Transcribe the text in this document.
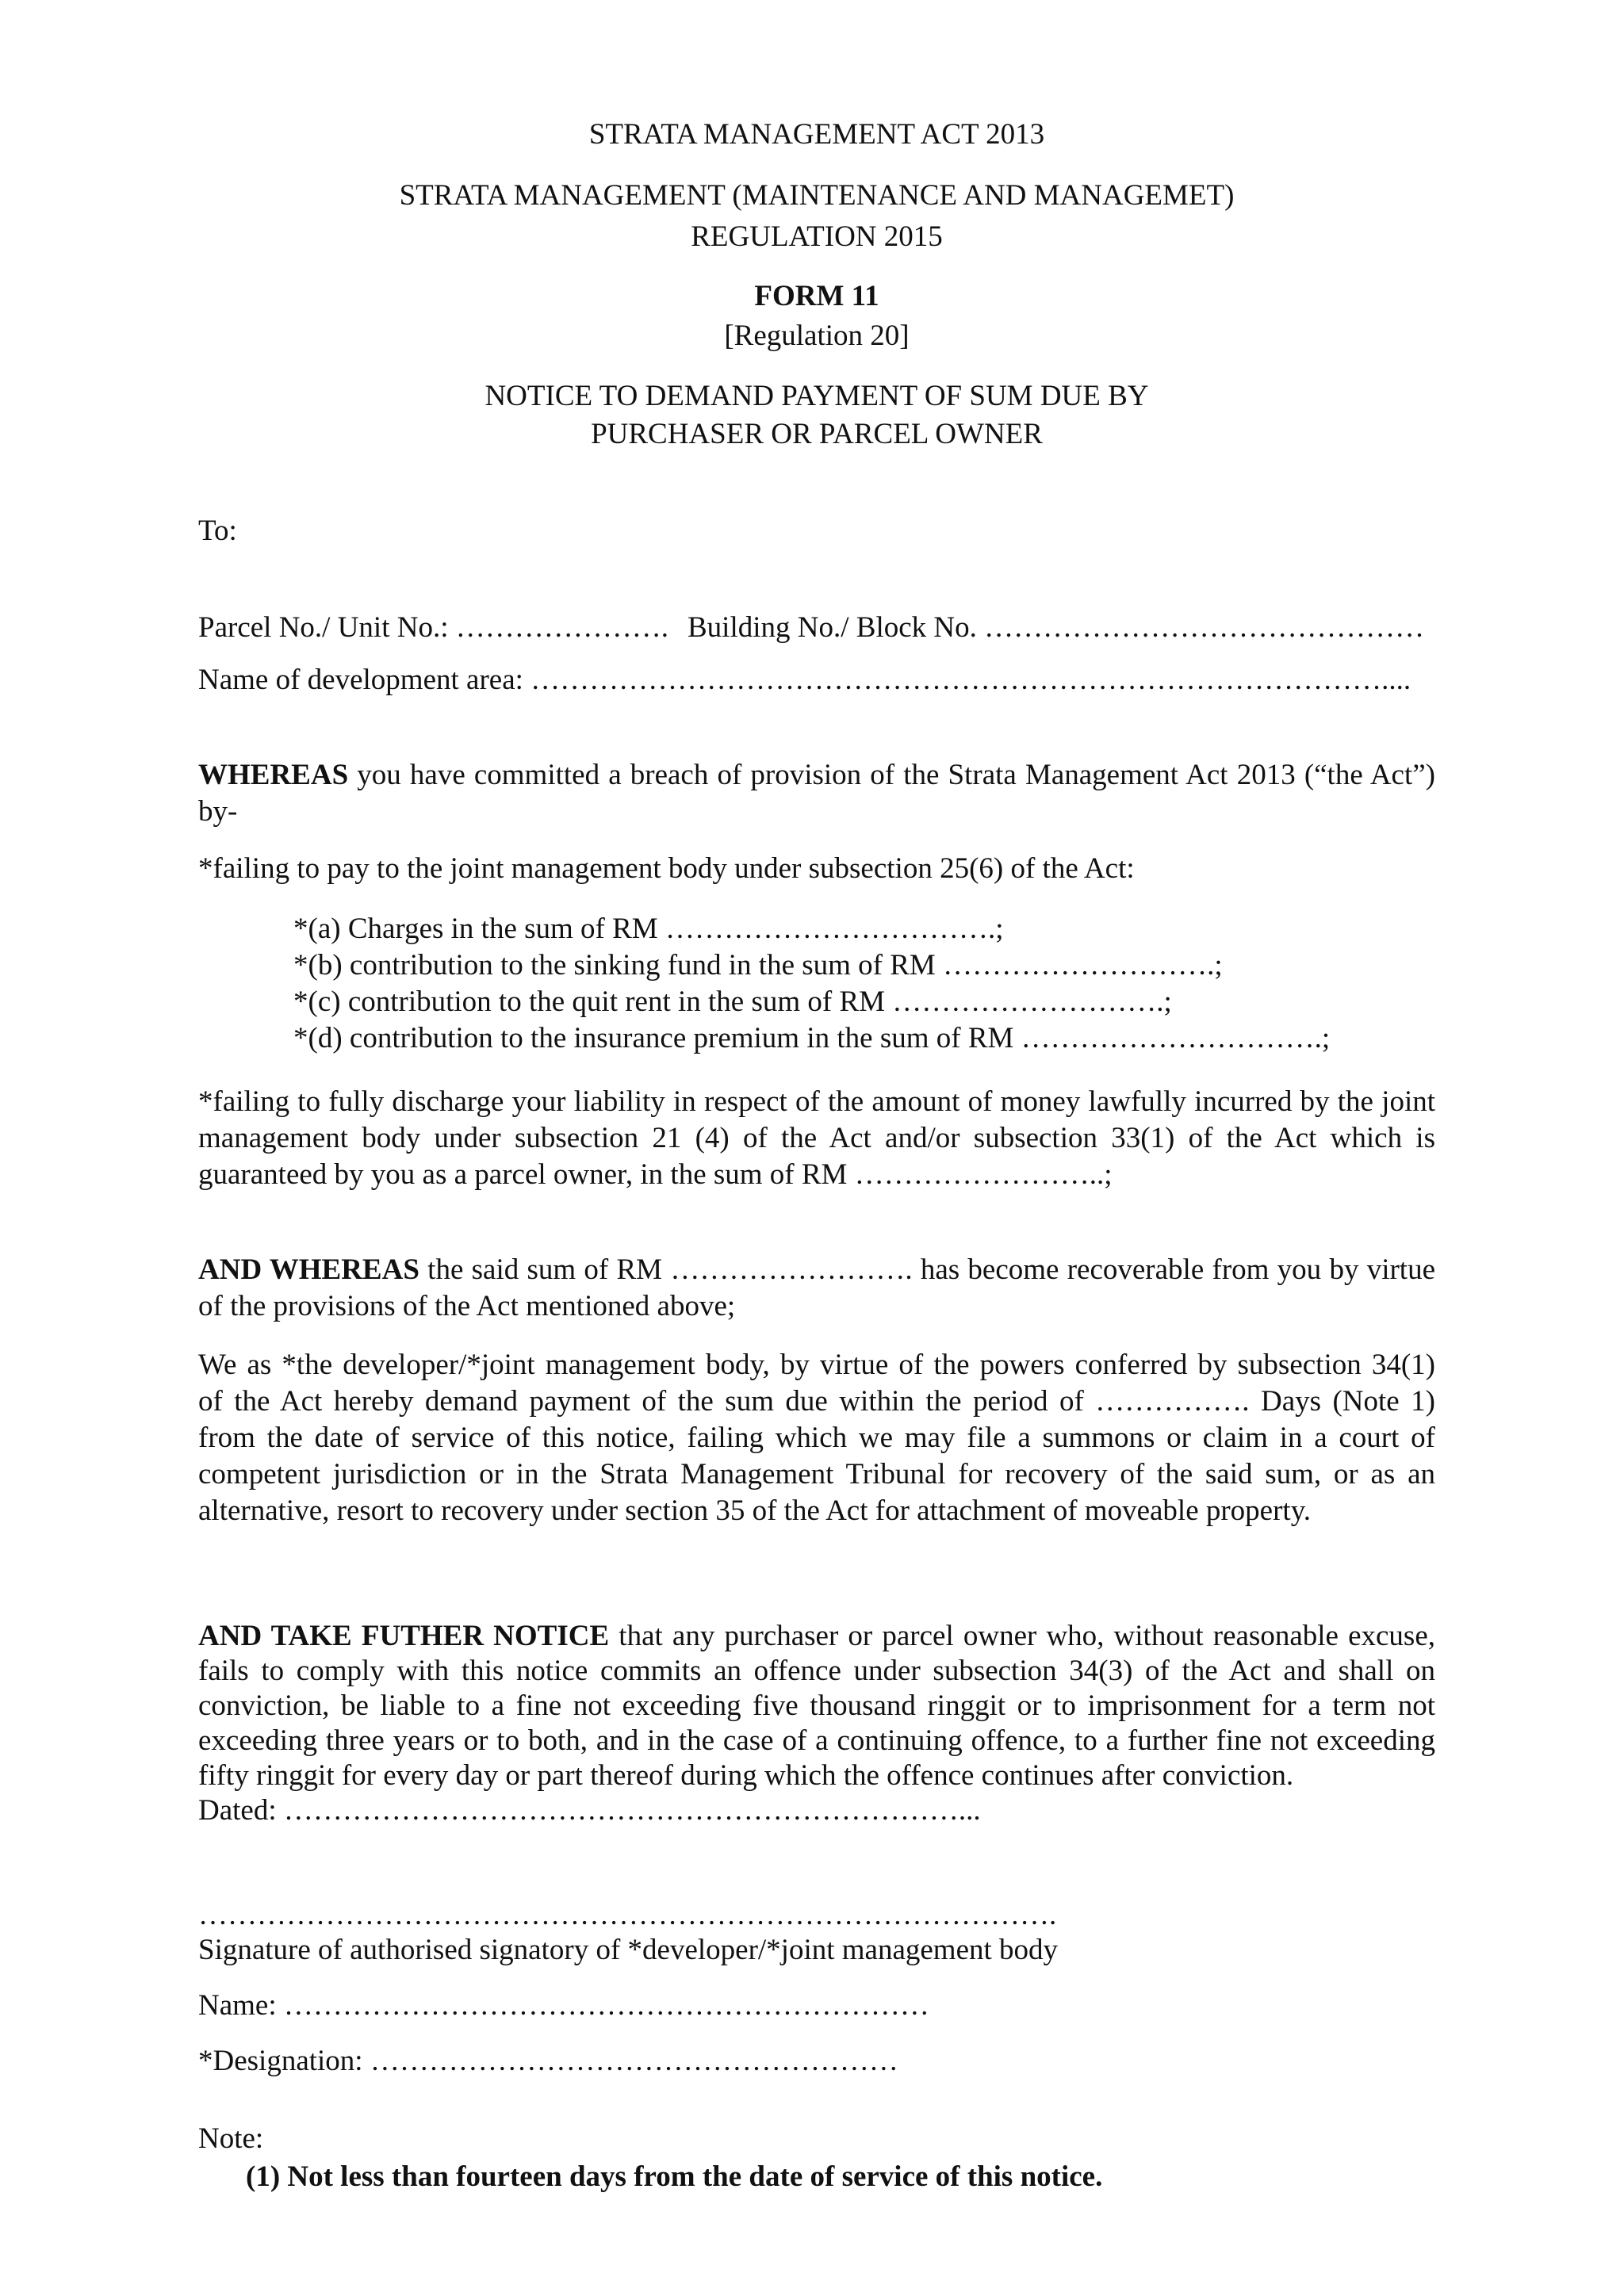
STRATA MANAGEMENT ACT 2013
STRATA MANAGEMENT (MAINTENANCE AND MANAGEMET)
REGULATION 2015
FORM 11
[Regulation 20]
NOTICE TO DEMAND PAYMENT OF SUM DUE BY
PURCHASER OR PARCEL OWNER
To:
Parcel No./ Unit No.: …………………. Building No./ Block No. ………………………………………
Name of development area: ……………………………………………………………………………....
WHEREAS you have committed a breach of provision of the Strata Management Act 2013 (“the Act”)
by-
*failing to pay to the joint management body under subsection 25(6) of the Act:
*(a) Charges in the sum of RM …………………………….;
*(b) contribution to the sinking fund in the sum of RM ……………………….;
*(c) contribution to the quit rent in the sum of RM ……………………….;
*(d) contribution to the insurance premium in the sum of RM ………………………….;
*failing to fully discharge your liability in respect of the amount of money lawfully incurred by the joint
management body under subsection 21 (4) of the Act and/or subsection 33(1) of the Act which is
guaranteed by you as a parcel owner, in the sum of RM ……………………..;
AND WHEREAS the said sum of RM ……………………. has become recoverable from you by virtue
of the provisions of the Act mentioned above;
We as *the developer/*joint management body, by virtue of the powers conferred by subsection 34(1)
of the Act hereby demand payment of the sum due within the period of ……………. Days (Note 1)
from the date of service of this notice, failing which we may file a summons or claim in a court of
competent jurisdiction or in the Strata Management Tribunal for recovery of the said sum, or as an
alternative, resort to recovery under section 35 of the Act for attachment of moveable property.
AND TAKE FUTHER NOTICE that any purchaser or parcel owner who, without reasonable excuse,
fails to comply with this notice commits an offence under subsection 34(3) of the Act and shall on
conviction, be liable to a fine not exceeding five thousand ringgit or to imprisonment for a term not
exceeding three years or to both, and in the case of a continuing offence, to a further fine not exceeding
fifty ringgit for every day or part thereof during which the offence continues after conviction.
Dated: ……………………………………………………………...
…………………………………………………………………………….
Signature of authorised signatory of *developer/*joint management body
Name: …………………………………………………………
*Designation: ………………………………………………
Note:
(1) Not less than fourteen days from the date of service of this notice.
